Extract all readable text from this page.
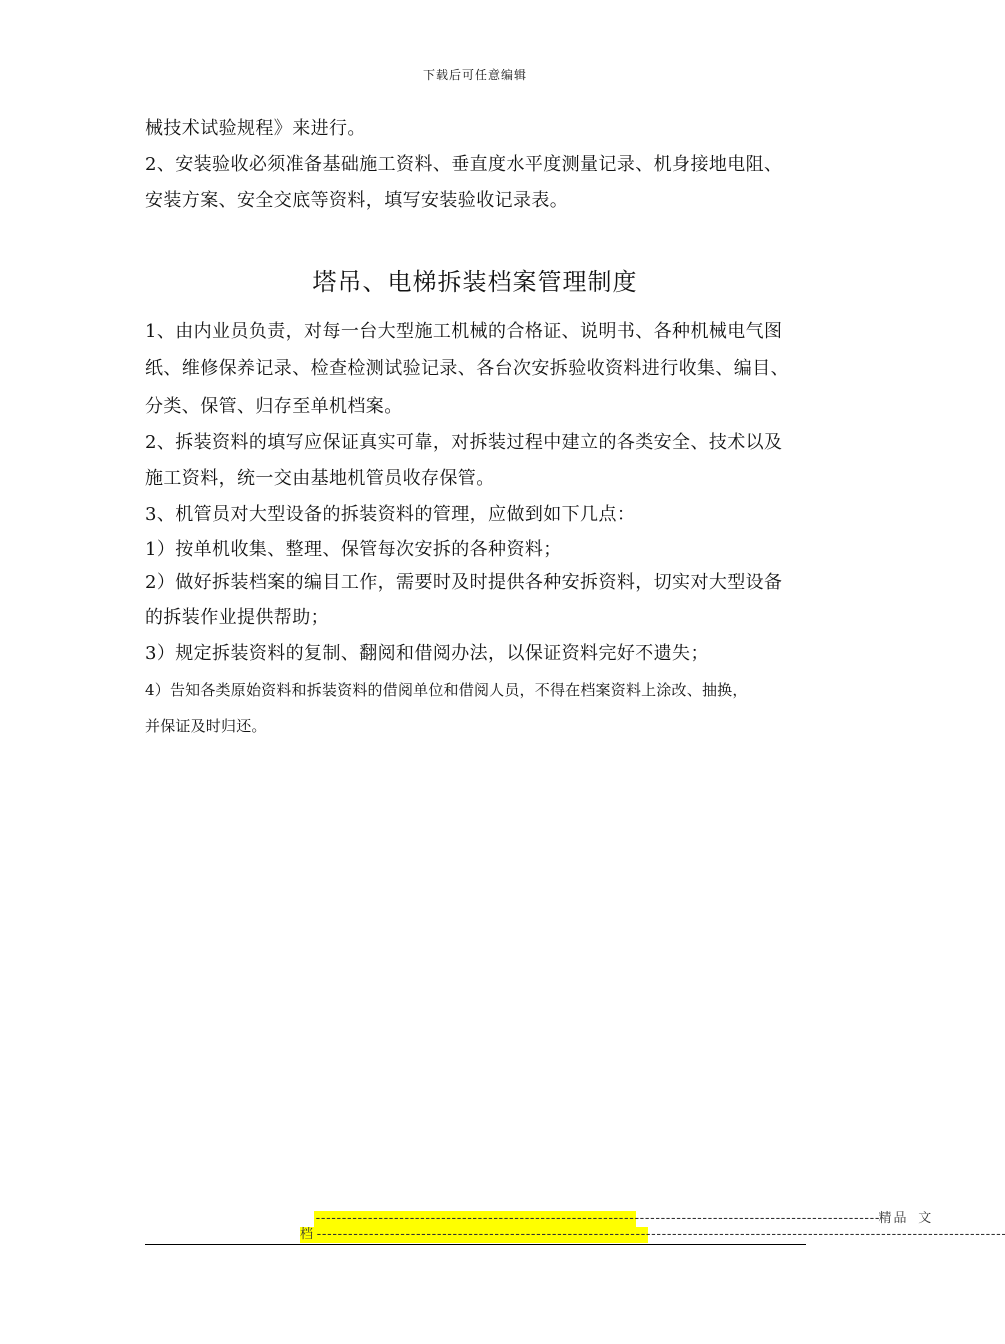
下载后可任意编辑
械技术试验规程》来进行。
2、安装验收必须准备基础施工资料、垂直度水平度测量记录、机身接地电阻、
安装方案、安全交底等资料，填写安装验收记录表。
塔吊、电梯拆装档案管理制度
1、由内业员负责，对每一台大型施工机械的合格证、说明书、各种机械电气图
纸、维修保养记录、检查检测试验记录、各台次安拆验收资料进行收集、编目、
分类、保管、归存至单机档案。
2、拆装资料的填写应保证真实可靠，对拆装过程中建立的各类安全、技术以及
施工资料，统一交由基地机管员收存保管。
3、机管员对大型设备的拆装资料的管理，应做到如下几点：
1）按单机收集、整理、保管每次安拆的各种资料；
2）做好拆装档案的编目工作，需要时及时提供各种安拆资料，切实对大型设备
的拆装作业提供帮助；
3）规定拆装资料的复制、翻阅和借阅办法，以保证资料完好不遗失；
4）告知各类原始资料和拆装资料的借阅单位和借阅人员，不得在档案资料上涂改、抽换，
并保证及时归还。
------------------------------------------------------------------------------------------------------------精品 文
档------------------------------------------------------------------------------------------------------------------------------------
